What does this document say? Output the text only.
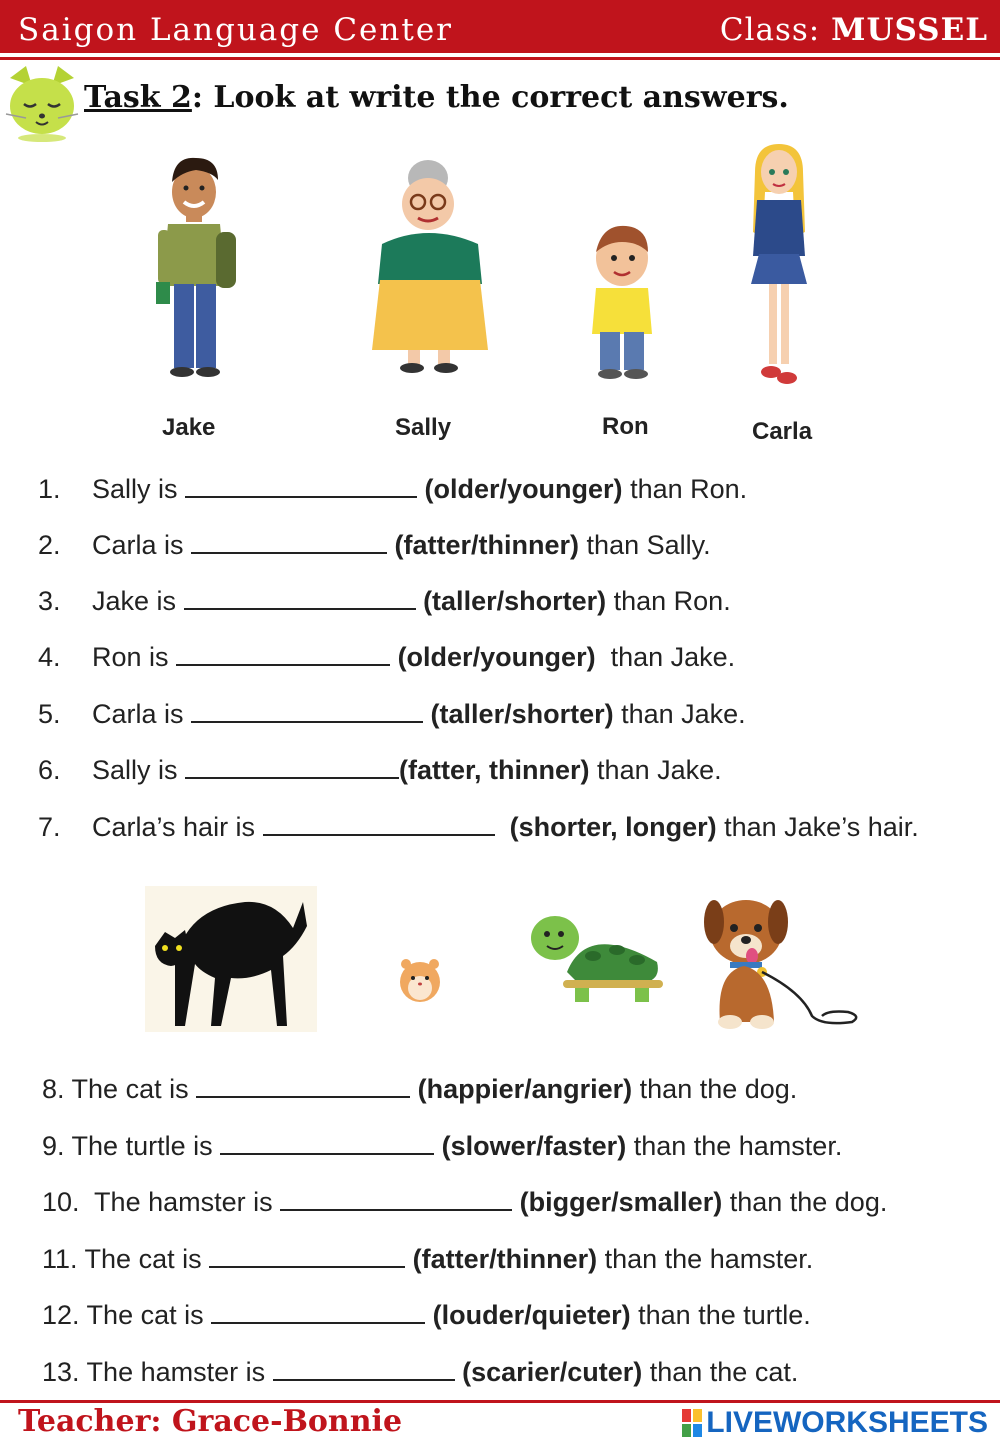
Saigon Language Center	Class: MUSSEL
Task 2: Look at write the correct answers.
Jake	Sally	Ron	Carla
1. Sally is	(older/younger) than Ron.
2. Carla is	(fatter/thinner) than Sally.
3. Jake is	(taller/shorter) than Ron.
4. Ron is	(older/younger)  than Jake.
5. Carla is	(taller/shorter) than Jake.
6. Sally is	(fatter, thinner) than Jake.
7. Carla’s hair is	(shorter, longer) than Jake’s hair.
8. The cat is	(happier/angrier) than the dog.
9. The turtle is	(slower/faster) than the hamster.
10.  The hamster is	(bigger/smaller) than the dog.
11. The cat is	(fatter/thinner) than the hamster.
12. The cat is	(louder/quieter) than the turtle.
13. The hamster is	(scarier/cuter) than the cat.
Teacher: Grace-Bonnie	LIVEWORKSHEETS
